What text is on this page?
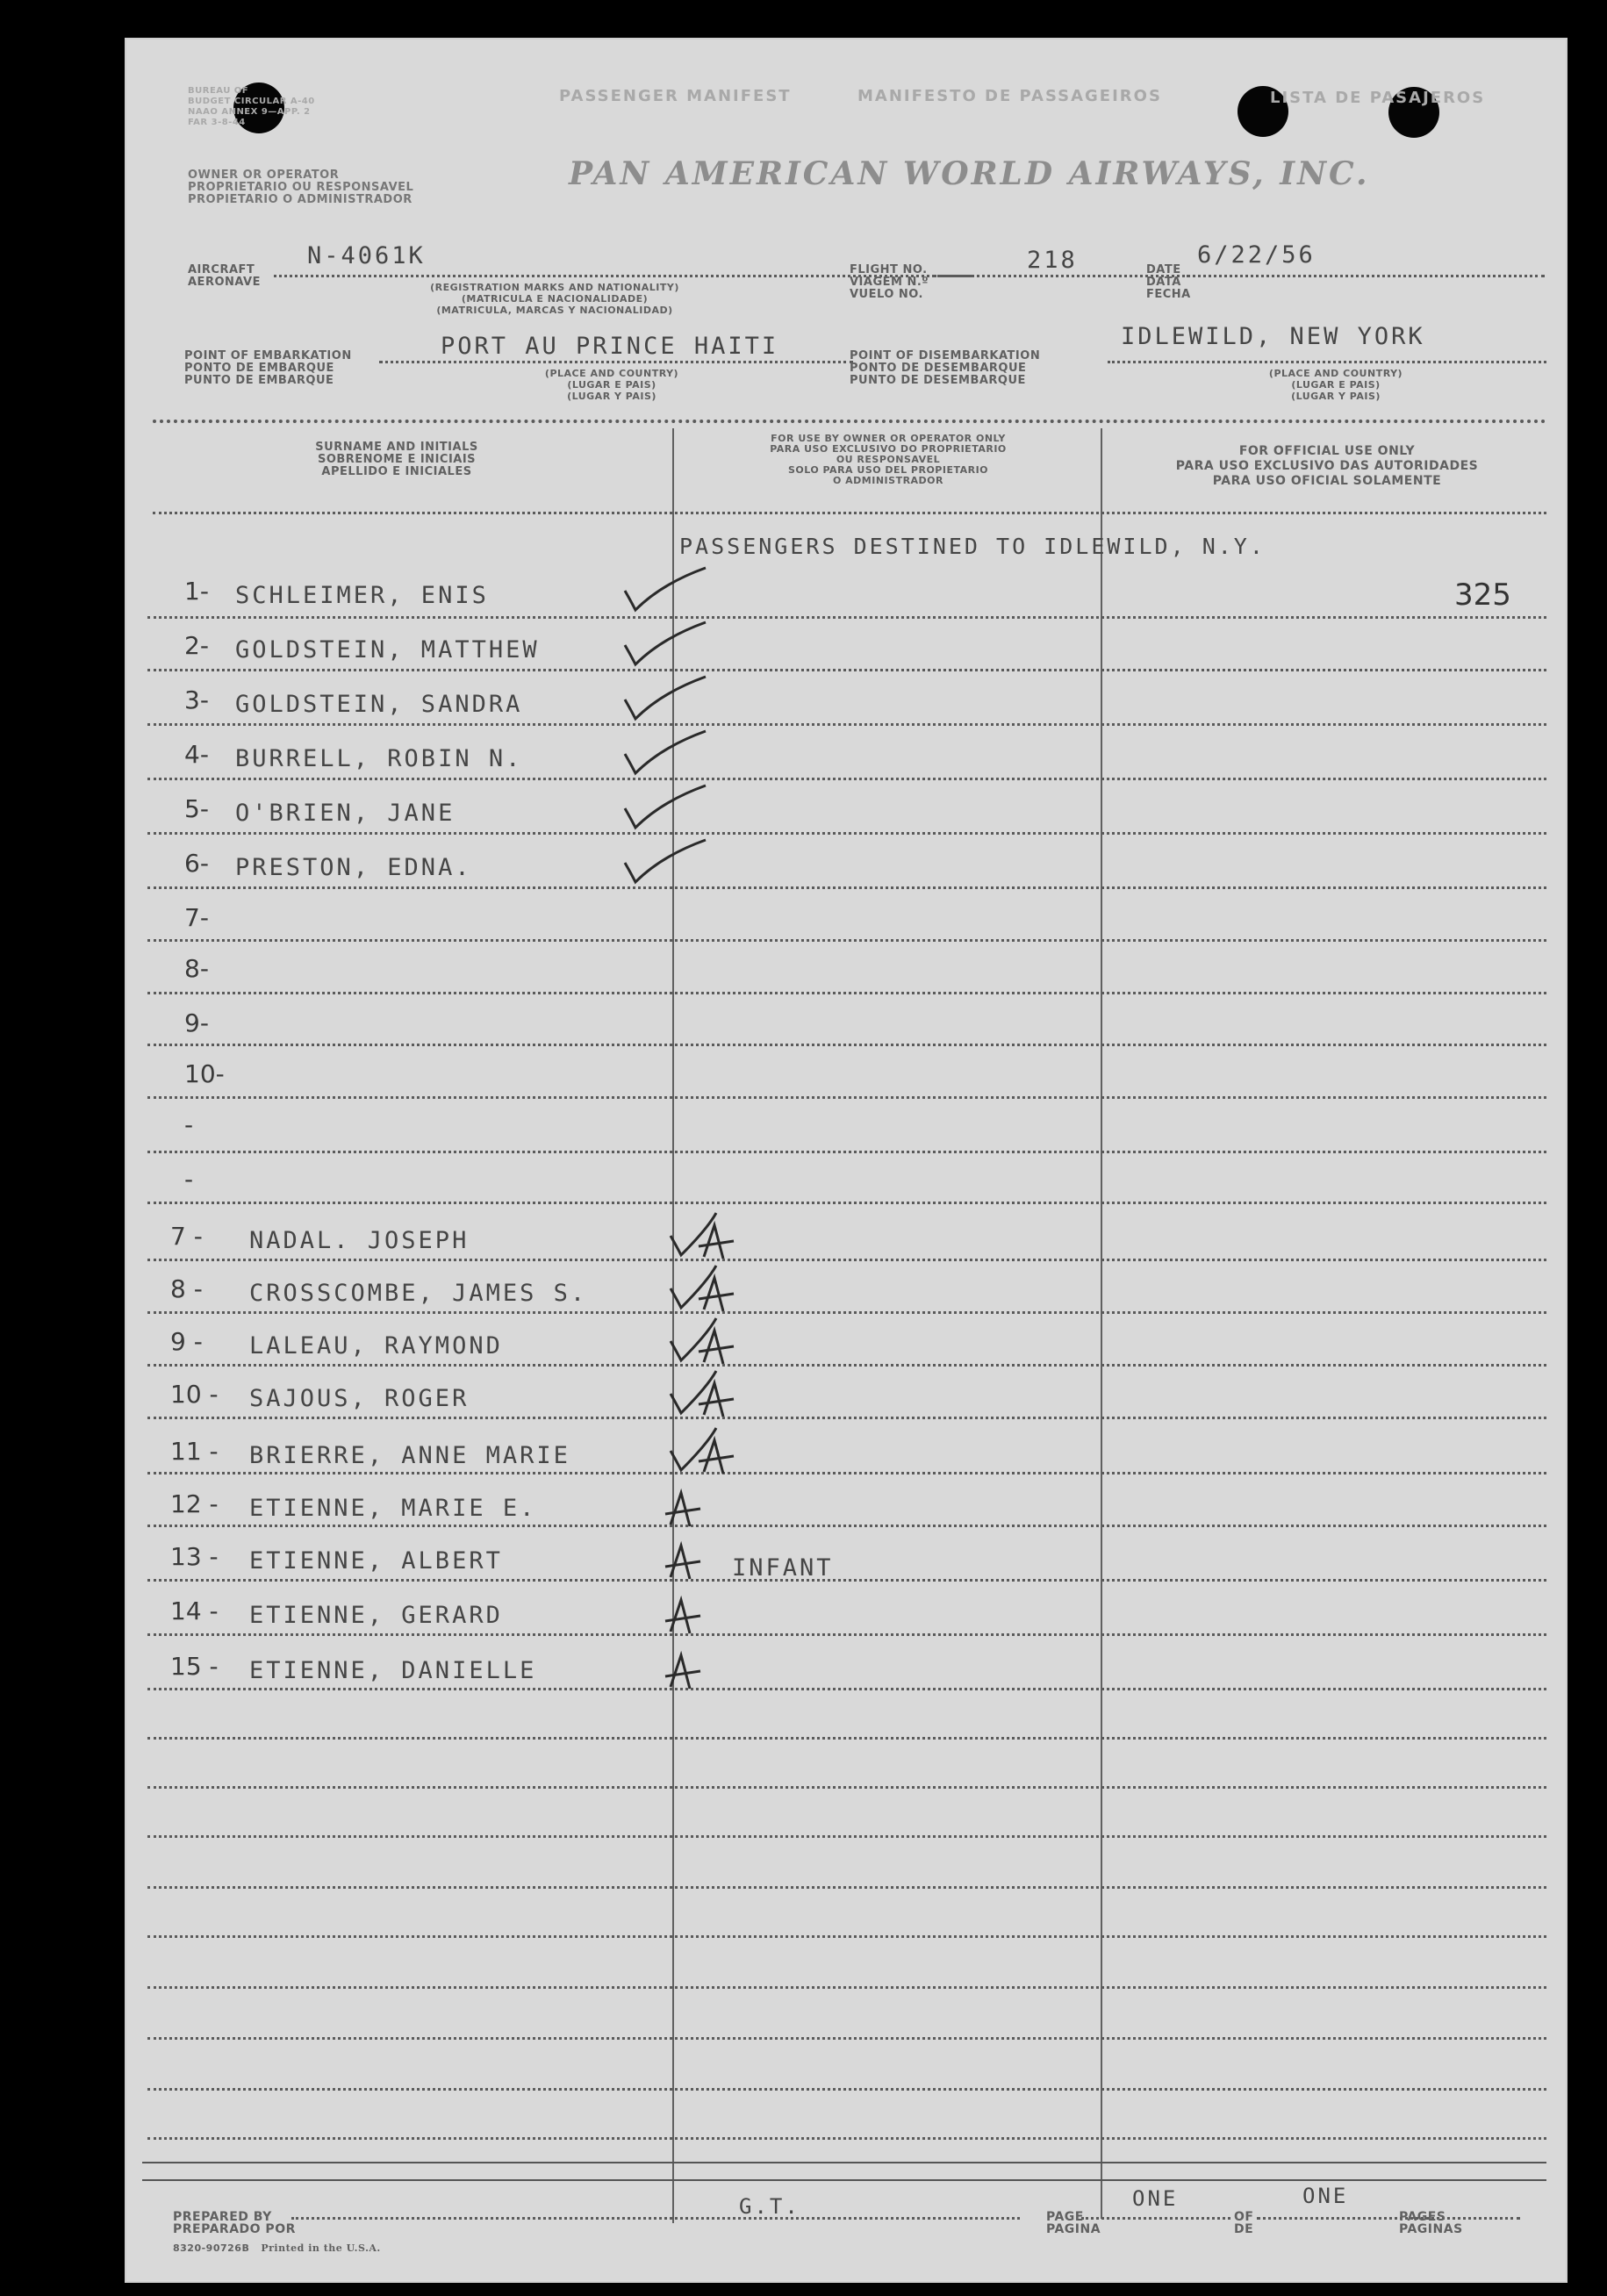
BUREAU OF
BUDGET CIRCULAR A-40
NAAO ANNEX 9—APP. 2
FAR 3-8-44
PASSENGER MANIFEST	MANIFESTO DE PASSAGEIROS	LISTA DE PASAJEROS
OWNER OR OPERATOR
PROPRIETARIO OU RESPONSAVEL
PROPIETARIO O ADMINISTRADOR
PAN AMERICAN WORLD AIRWAYS, INC.
AIRCRAFT
AERONAVE
N-4061K
(REGISTRATION MARKS AND NATIONALITY)
(MATRICULA E NACIONALIDADE)
(MATRICULA, MARCAS Y NACIONALIDAD)
FLIGHT NO.
VIAGEM N.º
VUELO NO.
218	DATE
DATA
FECHA
6/22/56
POINT OF EMBARKATION
PONTO DE EMBARQUE
PUNTO DE EMBARQUE
PORT AU PRINCE HAITI
(PLACE AND COUNTRY)
(LUGAR E PAIS)
(LUGAR Y PAIS)
POINT OF DISEMBARKATION
PONTO DE DESEMBARQUE
PUNTO DE DESEMBARQUE
IDLEWILD, NEW YORK
(PLACE AND COUNTRY)
(LUGAR E PAIS)
(LUGAR Y PAIS)
SURNAME AND INITIALS
SOBRENOME E INICIAIS
APELLIDO E INICIALES
FOR USE BY OWNER OR OPERATOR ONLY
PARA USO EXCLUSIVO DO PROPRIETARIO
OU RESPONSAVEL
SOLO PARA USO DEL PROPIETARIO
O ADMINISTRADOR
FOR OFFICIAL USE ONLY
PARA USO EXCLUSIVO DAS AUTORIDADES
PARA USO OFICIAL SOLAMENTE
PASSENGERS DESTINED TO IDLEWILD, N.Y.
325
1- SCHLEIMER, ENIS
2- GOLDSTEIN, MATTHEW
3- GOLDSTEIN, SANDRA
4- BURRELL, ROBIN N.
5- O'BRIEN, JANE
6- PRESTON, EDNA.
7-
8-
9-
10-
-
-
7 - NADAL. JOSEPH
8 - CROSSCOMBE, JAMES S.
9 - LALEAU, RAYMOND
10 - SAJOUS, ROGER
11 - BRIERRE, ANNE MARIE
12 - ETIENNE, MARIE E.
13 - ETIENNE, ALBERT	INFANT
14 - ETIENNE, GERARD
15 - ETIENNE, DANIELLE
PREPARED BY
PREPARADO POR
8320-90726B Printed in the U.S.A.
G.T.	PAGE
PAGINA
ONE
OF
DE
ONE
PAGES
PAGINAS
